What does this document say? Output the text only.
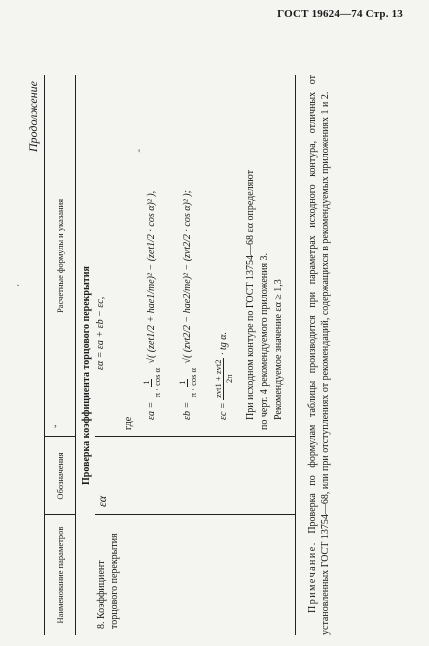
ГОСТ 19624—74 Стр. 13
'
·
,
Продолжение
Наименование параметров
Обозначения
Расчетные формулы и указания
Проверка коэффициента торцового перекрытия
8. Коэффициент торцового перекрытия
εα
εα = εa + εb − εc,
где
εa =
1 π · cos α
√( (zet1/2 + hae1/me)² − (zet1/2 · cos α)² ),
εb =
1 π · cos α
√( (zvt2/2 − hae2/me)² − (zvt2/2 · cos α)² );
εc =
zvt1 + zvt2 2π
· tg α.	При исходном контуре по ГОСТ 13754—68 εα определяют по черт. 4 рекомендуемого приложения 3. Рекомендуемое значение εα ≥ 1,3
Примечание. Проверка по формулам таблицы производится при параметрах исходного контура, отличных от установленных ГОСТ 13754—68, или при отступлениях от рекомендаций, содержащихся в рекомендуемых приложениях 1 и 2.
